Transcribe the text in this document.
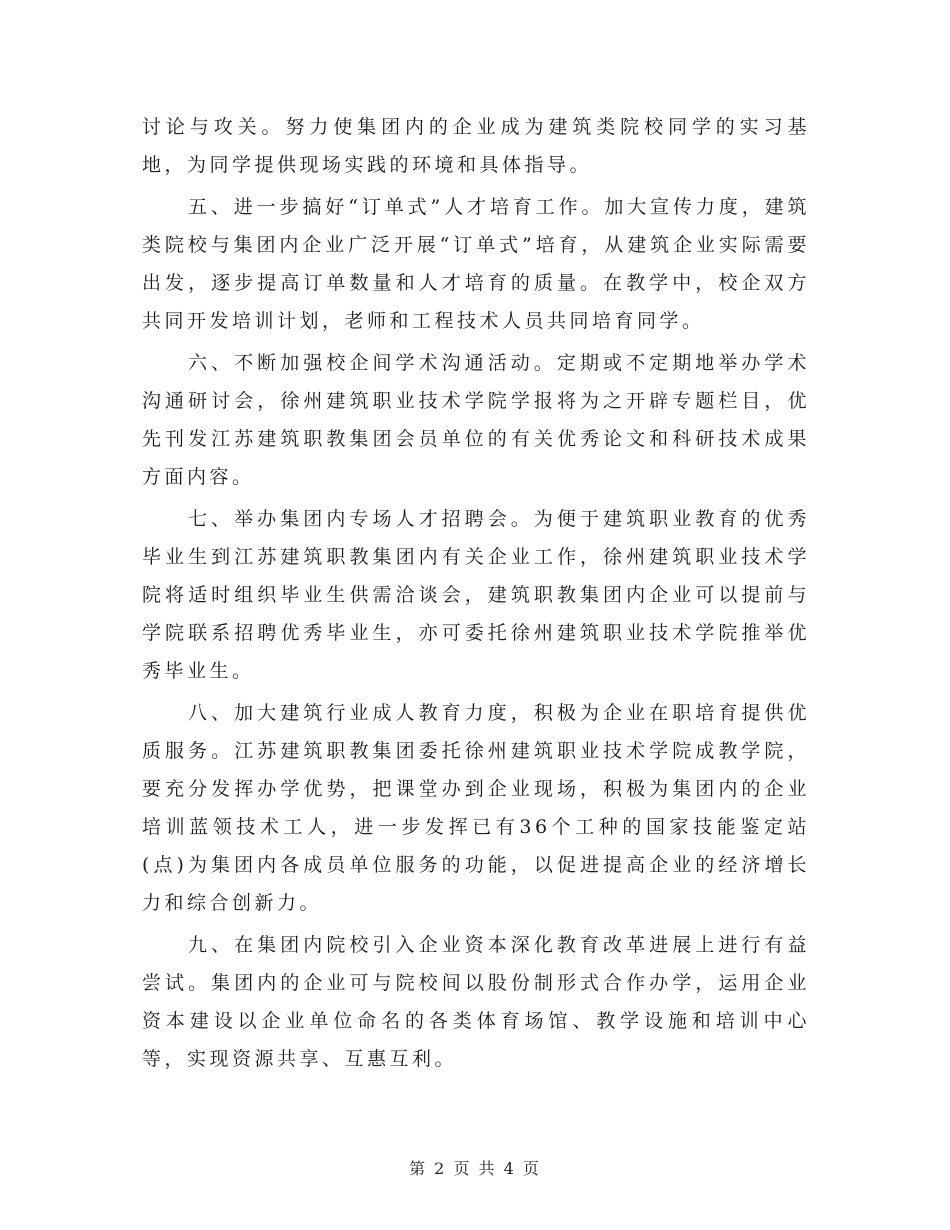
讨论与攻关。努力使集团内的企业成为建筑类院校同学的实习基地，为同学提供现场实践的环境和具体指导。

五、进一步搞好“订单式”人才培育工作。加大宣传力度，建筑类院校与集团内企业广泛开展“订单式”培育，从建筑企业实际需要出发，逐步提高订单数量和人才培育的质量。在教学中，校企双方共同开发培训计划，老师和工程技术人员共同培育同学。

六、不断加强校企间学术沟通活动。定期或不定期地举办学术沟通研讨会，徐州建筑职业技术学院学报将为之开辟专题栏目，优先刊发江苏建筑职教集团会员单位的有关优秀论文和科研技术成果方面内容。

七、举办集团内专场人才招聘会。为便于建筑职业教育的优秀毕业生到江苏建筑职教集团内有关企业工作，徐州建筑职业技术学院将适时组织毕业生供需洽谈会，建筑职教集团内企业可以提前与学院联系招聘优秀毕业生，亦可委托徐州建筑职业技术学院推举优秀毕业生。

八、加大建筑行业成人教育力度，积极为企业在职培育提供优质服务。江苏建筑职教集团委托徐州建筑职业技术学院成教学院，要充分发挥办学优势，把课堂办到企业现场，积极为集团内的企业培训蓝领技术工人，进一步发挥已有36个工种的国家技能鉴定站(点)为集团内各成员单位服务的功能，以促进提高企业的经济增长力和综合创新力。

九、在集团内院校引入企业资本深化教育改革进展上进行有益尝试。集团内的企业可与院校间以股份制形式合作办学，运用企业资本建设以企业单位命名的各类体育场馆、教学设施和培训中心等，实现资源共享、互惠互利。

第 2 页 共 4 页
